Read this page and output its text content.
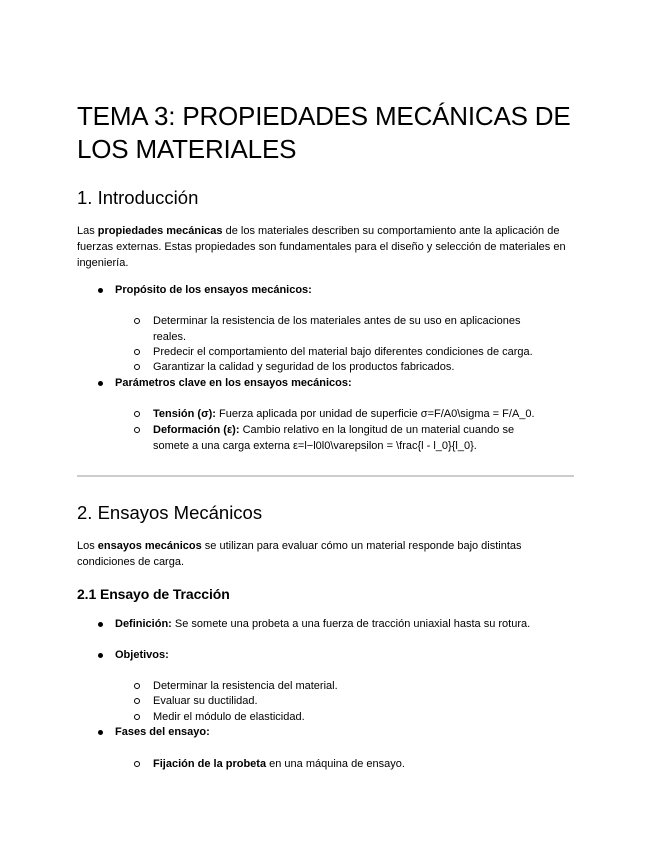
TEMA 3: PROPIEDADES MECÁNICAS DE LOS MATERIALES
1. Introducción

Las propiedades mecánicas de los materiales describen su comportamiento ante la aplicación de fuerzas externas. Estas propiedades son fundamentales para el diseño y selección de materiales en ingeniería.

Propósito de los ensayos mecánicos:
Determinar la resistencia de los materiales antes de su uso en aplicaciones
reales.
Predecir el comportamiento del material bajo diferentes condiciones de carga.
Garantizar la calidad y seguridad de los productos fabricados.
Parámetros clave en los ensayos mecánicos:
Tensión (σ): Fuerza aplicada por unidad de superficie σ=F/A0\sigma = F/A_0.
Deformación (ε): Cambio relativo en la longitud de un material cuando se
somete a una carga externa ε=l−l0l0\varepsilon = \frac{l - l_0}{l_0}.
2. Ensayos Mecánicos

Los ensayos mecánicos se utilizan para evaluar cómo un material responde bajo distintas condiciones de carga.

2.1 Ensayo de Tracción
Definición: Se somete una probeta a una fuerza de tracción uniaxial hasta su rotura.
Objetivos:
Determinar la resistencia del material.
Evaluar su ductilidad.
Medir el módulo de elasticidad.
Fases del ensayo:
Fijación de la probeta en una máquina de ensayo.
